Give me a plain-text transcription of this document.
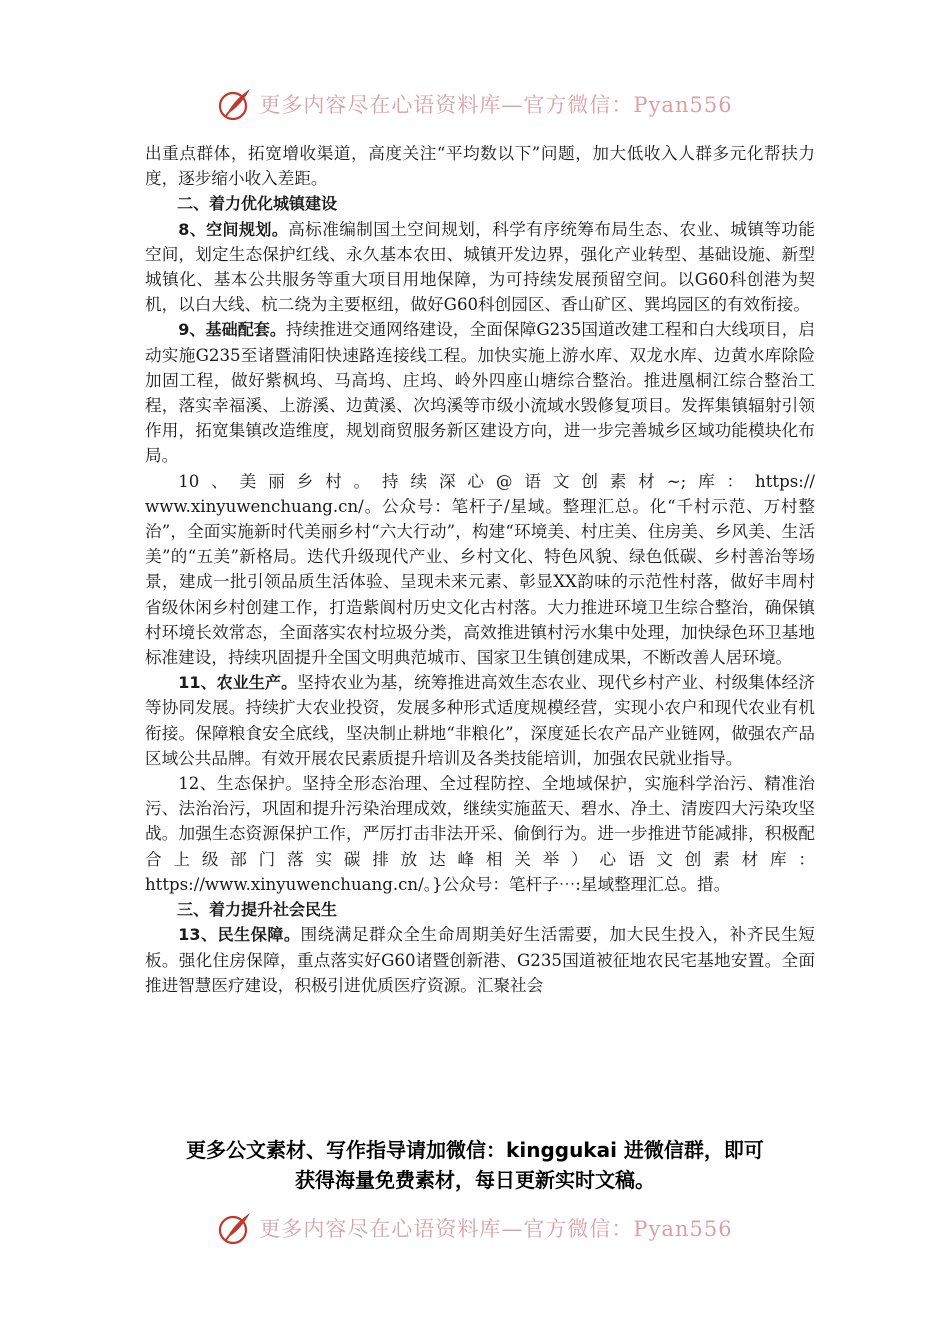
更多内容尽在心语资料库—官方微信：Pyan556

出重点群体，拓宽增收渠道，高度关注“平均数以下”问题，加大低收入人群多元化帮扶力度，逐步缩小收入差距。

二、着力优化城镇建设

8、空间规划。高标准编制国土空间规划，科学有序统筹布局生态、农业、城镇等功能空间，划定生态保护红线、永久基本农田、城镇开发边界，强化产业转型、基础设施、新型城镇化、基本公共服务等重大项目用地保障，为可持续发展预留空间。以G60科创港为契机，以白大线、杭二绕为主要枢纽，做好G60科创园区、香山矿区、巽坞园区的有效衔接。

9、基础配套。持续推进交通网络建设，全面保障G235国道改建工程和白大线项目，启动实施G235至诸暨浦阳快速路连接线工程。加快实施上游水库、双龙水库、边黄水库除险加固工程，做好紫枫坞、马高坞、庄坞、岭外四座山塘综合整治。推进凰桐江综合整治工程，落实幸福溪、上游溪、边黄溪、次坞溪等市级小流域水毁修复项目。发挥集镇辐射引领作用，拓宽集镇改造维度，规划商贸服务新区建设方向，进一步完善城乡区域功能模块化布局。

10、美丽乡村。持续深心@语文创素材~;库：https://

www.xinyuwenchuang.cn/。公众号：笔杆子/星域。整理汇总。化“千村示范、万村整治”，全面实施新时代美丽乡村“六大行动”，构建“环境美、村庄美、住房美、乡风美、生活美”的“五美”新格局。迭代升级现代产业、乡村文化、特色风貌、绿色低碳、乡村善治等场景，建成一批引领品质生活体验、呈现未来元素、彰显XX韵味的示范性村落，做好丰周村省级休闲乡村创建工作，打造紫阆村历史文化古村落。大力推进环境卫生综合整治，确保镇村环境长效常态，全面落实农村垃圾分类，高效推进镇村污水集中处理，加快绿色环卫基地标准建设，持续巩固提升全国文明典范城市、国家卫生镇创建成果，不断改善人居环境。

11、农业生产。坚持农业为基，统筹推进高效生态农业、现代乡村产业、村级集体经济等协同发展。持续扩大农业投资，发展多种形式适度规模经营，实现小农户和现代农业有机衔接。保障粮食安全底线，坚决制止耕地“非粮化”，深度延长农产品产业链网，做强农产品区域公共品牌。有效开展农民素质提升培训及各类技能培训，加强农民就业指导。

12、生态保护。坚持全形态治理、全过程防控、全地域保护，实施科学治污、精准治污、法治治污，巩固和提升污染治理成效，继续实施蓝天、碧水、净土、清废四大污染攻坚战。加强生态资源保护工作，严厉打击非法开采、偷倒行为。进一步推进节能减排，积极配合上级部门落实碳排放达峰相关举）心语文创素材库：https://www.xinyuwenchuang.cn/。}公众号：笔杆子⋯:星域整理汇总。措。

三、着力提升社会民生

13、民生保障。围绕满足群众全生命周期美好生活需要，加大民生投入，补齐民生短板。强化住房保障，重点落实好G60诸暨创新港、G235国道被征地农民宅基地安置。全面推进智慧医疗建设，积极引进优质医疗资源。汇聚社会

更多公文素材、写作指导请加微信：kinggukai 进微信群，即可
获得海量免费素材，每日更新实时文稿。
更多内容尽在心语资料库—官方微信：Pyan556
